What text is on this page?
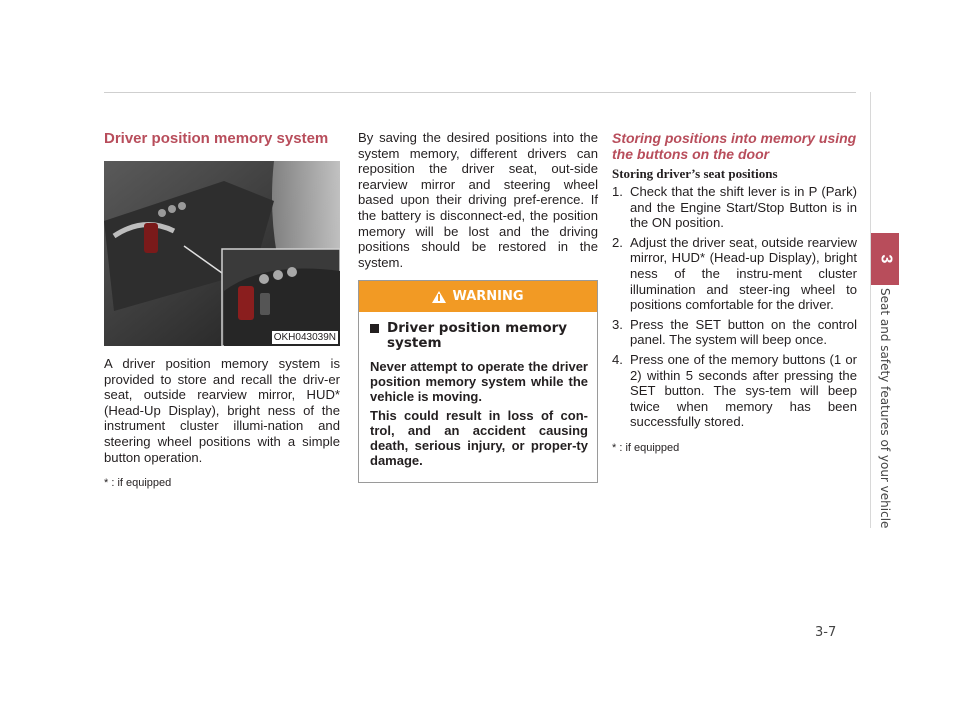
3
Seat and safety features of your vehicle
Driver position memory system
OKH043039N

A driver position memory system is provided to store and recall the driv-er seat, outside rearview mirror, HUD* (Head-Up Display), bright ness of the instrument cluster illumi-nation and steering wheel positions with a simple button operation.

* : if equipped

By saving the desired positions into the system memory, different drivers can reposition the driver seat, out-side rearview mirror and steering wheel based upon their driving pref-erence. If the battery is disconnect-ed, the position memory will be lost and the driving positions should be restored in the system.

WARNING
Driver position memory system

Never attempt to operate the driver position memory system while the vehicle is moving.

This could result in loss of con-trol, and an accident causing death, serious injury, or proper-ty damage.

Storing positions into memory using the buttons on the door
Storing driver’s seat positions
1. Check that the shift lever is in P (Park) and the Engine Start/Stop Button is in the ON position.
2. Adjust the driver seat, outside rearview mirror, HUD* (Head-up Display), bright ness of the instru-ment cluster illumination and steer-ing wheel to positions comfortable for the driver.
3. Press the SET button on the control panel. The system will beep once.
4. Press one of the memory buttons (1 or 2) within 5 seconds after pressing the SET button. The sys-tem will beep twice when memory has been successfully stored.
* : if equipped
3-7
